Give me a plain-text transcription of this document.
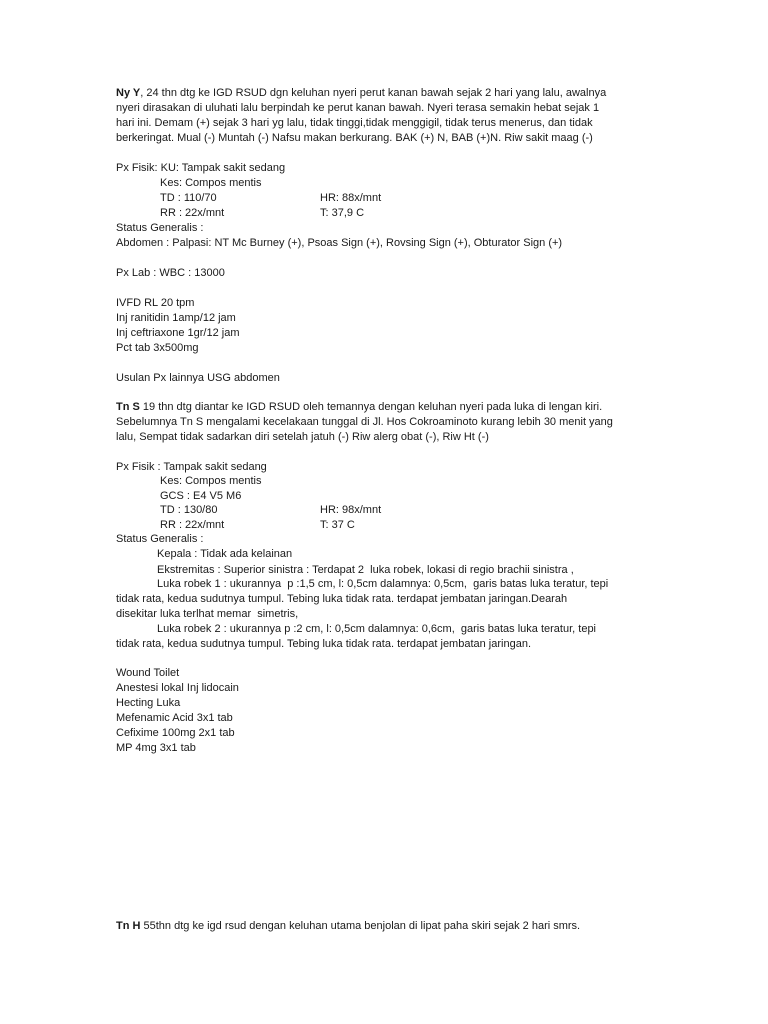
Ny Y, 24 thn dtg ke IGD RSUD dgn keluhan nyeri perut kanan bawah sejak 2 hari yang lalu, awalnya
nyeri dirasakan di uluhati lalu berpindah ke perut kanan bawah. Nyeri terasa semakin hebat sejak 1
hari ini. Demam (+) sejak 3 hari yg lalu, tidak tinggi,tidak menggigil, tidak terus menerus, dan tidak
berkeringat. Mual (-) Muntah (-) Nafsu makan berkurang. BAK (+) N, BAB (+)N. Riw sakit maag (-)
Px Fisik: KU: Tampak sakit sedang
Kes: Compos mentis
TD : 110/70	HR: 88x/mnt
RR : 22x/mnt	T: 37,9 C
Status Generalis :
Abdomen : Palpasi: NT Mc Burney (+), Psoas Sign (+), Rovsing Sign (+), Obturator Sign (+)
Px Lab : WBC : 13000
IVFD RL 20 tpm
Inj ranitidin 1amp/12 jam
Inj ceftriaxone 1gr/12 jam
Pct tab 3x500mg
Usulan Px lainnya USG abdomen
Tn S 19 thn dtg diantar ke IGD RSUD oleh temannya dengan keluhan nyeri pada luka di lengan kiri.
Sebelumnya Tn S mengalami kecelakaan tunggal di Jl. Hos Cokroaminoto kurang lebih 30 menit yang
lalu, Sempat tidak sadarkan diri setelah jatuh (-) Riw alerg obat (-), Riw Ht (-)
Px Fisik : Tampak sakit sedang
Kes: Compos mentis
GCS : E4 V5 M6
TD : 130/80	HR: 98x/mnt
RR : 22x/mnt	T: 37 C
Status Generalis :
Kepala : Tidak ada kelainan
Ekstremitas : Superior sinistra : Terdapat 2  luka robek, lokasi di regio brachii sinistra ,
Luka robek 1 : ukurannya  p :1,5 cm, l: 0,5cm dalamnya: 0,5cm,  garis batas luka teratur, tepi
tidak rata, kedua sudutnya tumpul. Tebing luka tidak rata. terdapat jembatan jaringan.Dearah
disekitar luka terlhat memar  simetris,
Luka robek 2 : ukurannya p :2 cm, l: 0,5cm dalamnya: 0,6cm,  garis batas luka teratur, tepi
tidak rata, kedua sudutnya tumpul. Tebing luka tidak rata. terdapat jembatan jaringan.
Wound Toilet
Anestesi lokal Inj lidocain
Hecting Luka
Mefenamic Acid 3x1 tab
Cefixime 100mg 2x1 tab
MP 4mg 3x1 tab
Tn H 55thn dtg ke igd rsud dengan keluhan utama benjolan di lipat paha skiri sejak 2 hari smrs.
